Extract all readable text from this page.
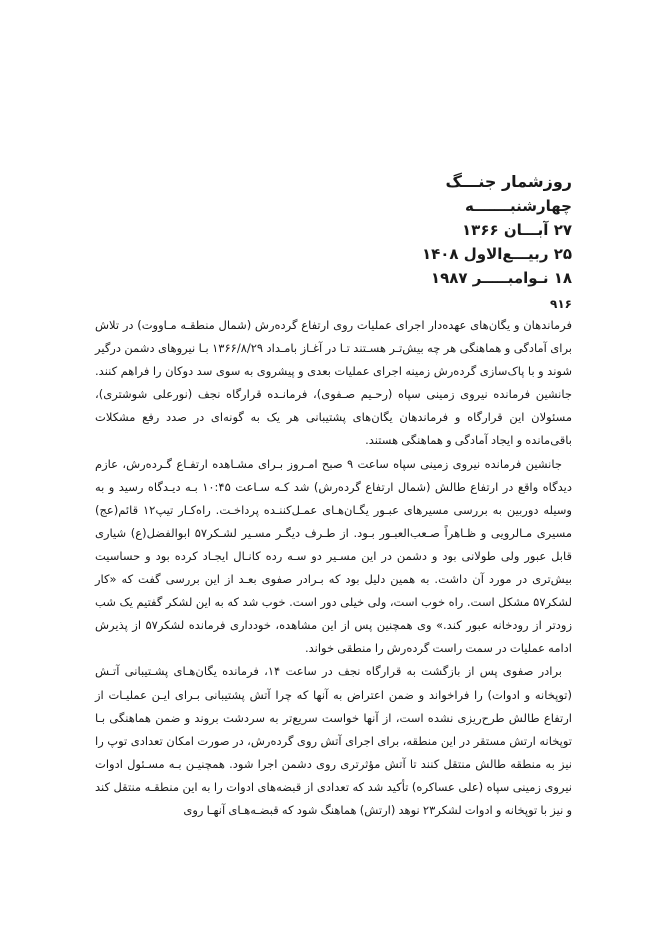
روزشمار جنـــگ
چهارشنبـــــــه
۲۷ آبـــان ۱۳۶۶
۲۵ ربیـــع‌الاول ۱۴۰۸
۱۸ نـوامبـــــر ۱۹۸۷
۹۱۶

فرماندهان و یگان‌های عهده‌دار اجرای عملیات روی ارتفاع گرده‌رش (شمال منطقـه مـاووت) در تلاش برای آمادگی و هماهنگی هر چه بیش‌تـر هسـتند تـا در آغـاز بامـداد ۱۳۶۶/۸/۲۹ بـا نیروهای دشمن درگیر شوند و با پاک‌سازی گرده‌رش زمینه اجرای عملیات بعدی و پیشروی به سوی سد دوکان را فراهم کنند. جانشین فرمانده نیروی زمینی سپاه (رحـیم صـفوی)، فرمانـده قرارگاه نجف (نورعلی شوشتری)، مسئولان این قرارگاه و فرماندهان یگان‌های پشتیبانی هر یک به گونه‌ای در صدد رفع مشکلات باقی‌مانده و ایجاد آمادگی و هماهنگی هستند.

جانشین فرمانده نیروی زمینی سپاه ساعت ۹ صبح امـروز بـرای مشـاهده ارتفـاع گـرده‌رش، عازم دیدگاه واقع در ارتفاع طالش (شمال ارتفاع گرده‌رش) شد کـه سـاعت ۱۰:۴۵ بـه دیـدگاه رسید و به وسیله دوربین به بررسی مسیرهای عبـور یگـان‌هـای عمـل‌کننـده پرداخـت. راه‌کـار تیپ۱۲ قائم(عج) مسیری مـالرویی و ظـاهراً صـعب‌العبـور بـود. از طـرف دیگـر مسـیر لشـکر۵۷ ابوالفضل(ع) شیاری قابل عبور ولی طولانی بود و دشمن در این مسـیر دو سـه رده کانـال ایجـاد کرده بود و حساسیت بیش‌تری در مورد آن داشت. به همین دلیل بود که بـرادر صفوی بعـد از این بررسی گفت که «کار لشکر۵۷ مشکل است. راه خوب است، ولی خیلی دور است. خوب شد که به این لشکر گفتیم یک شب زودتر از رودخانه عبور کند.» وی همچنین پس از این مشاهده، خودداری فرمانده لشکر۵۷ از پذیرش ادامه عملیات در سمت راست گرده‌رش را منطقی خواند.

برادر صفوی پس از بازگشت به قرارگاه نجف در ساعت ۱۴، فرمانده یگان‌هـای پشـتیبانی آتـش (توپخانه و ادوات) را فراخواند و ضمن اعتراض به آنها که چرا آتش پشتیبانی بـرای ایـن عملیـات از ارتفاع طالش طرح‌ریزی نشده است، از آنها خواست سریع‌تر به سردشت بروند و ضمن هماهنگی بـا توپخانه ارتش مستقر در این منطقه، برای اجرای آتش روی گرده‌رش، در صورت امکان تعدادی توپ را نیز به منطقه طالش منتقل کنند تا آتش مؤثرتری روی دشمن اجرا شود. همچنیـن بـه مسـئول ادوات نیروی زمینی سپاه (علی عساکره) تأکید شد که تعدادی از قبضه‌های ادوات را به این منطقـه منتقل کند و نیز با توپخانه و ادوات لشکر۲۳ نوهد (ارتش) هماهنگ شود که قبضـه‌هـای آنهـا روی
